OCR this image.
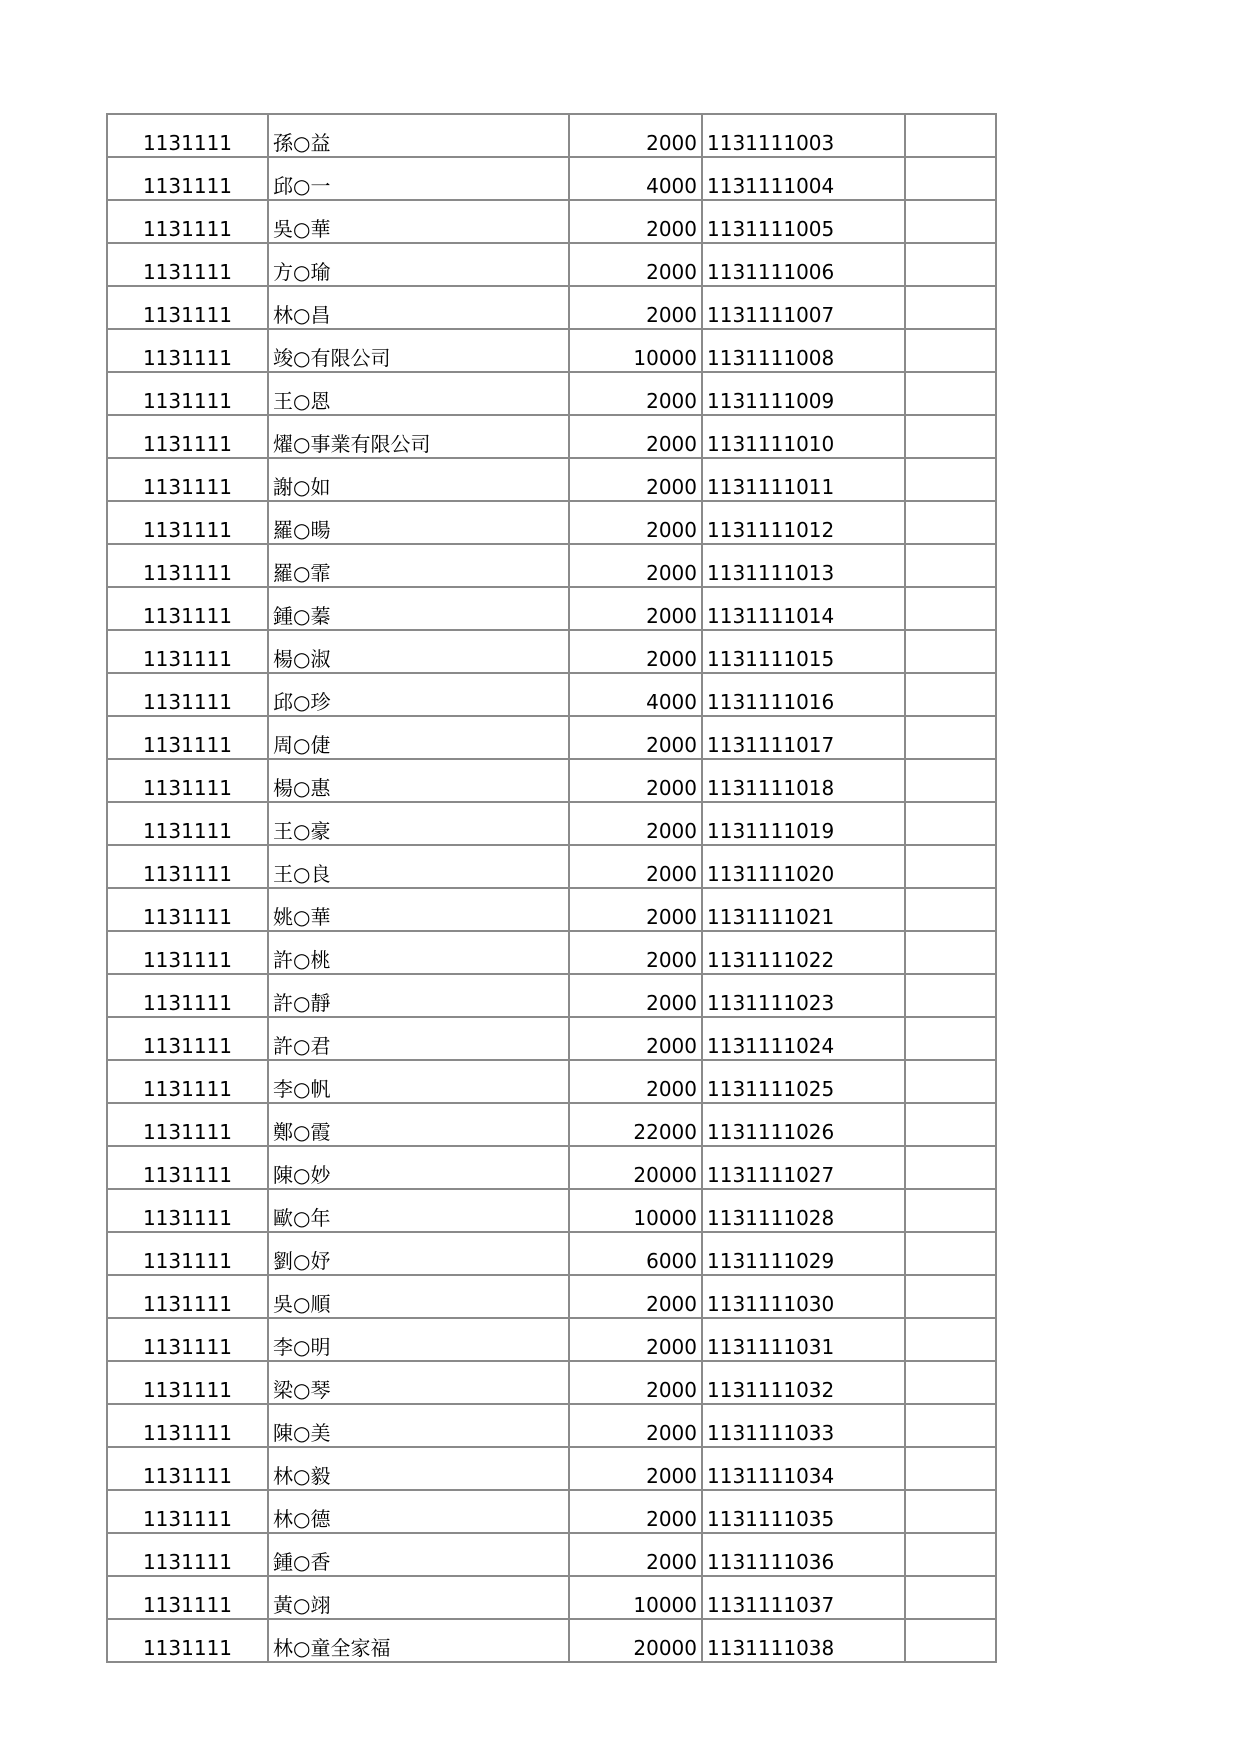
1131111	孫○益	2000	1131111003	
1131111	邱○一	4000	1131111004	
1131111	吳○華	2000	1131111005	
1131111	方○瑜	2000	1131111006	
1131111	林○昌	2000	1131111007	
1131111	竣○有限公司	10000	1131111008	
1131111	王○恩	2000	1131111009	
1131111	燿○事業有限公司	2000	1131111010	
1131111	謝○如	2000	1131111011	
1131111	羅○暘	2000	1131111012	
1131111	羅○霏	2000	1131111013	
1131111	鍾○蓁	2000	1131111014	
1131111	楊○淑	2000	1131111015	
1131111	邱○珍	4000	1131111016	
1131111	周○倢	2000	1131111017	
1131111	楊○惠	2000	1131111018	
1131111	王○豪	2000	1131111019	
1131111	王○良	2000	1131111020	
1131111	姚○華	2000	1131111021	
1131111	許○桃	2000	1131111022	
1131111	許○靜	2000	1131111023	
1131111	許○君	2000	1131111024	
1131111	李○帆	2000	1131111025	
1131111	鄭○霞	22000	1131111026	
1131111	陳○妙	20000	1131111027	
1131111	歐○年	10000	1131111028	
1131111	劉○妤	6000	1131111029	
1131111	吳○順	2000	1131111030	
1131111	李○明	2000	1131111031	
1131111	梁○琴	2000	1131111032	
1131111	陳○美	2000	1131111033	
1131111	林○毅	2000	1131111034	
1131111	林○德	2000	1131111035	
1131111	鍾○香	2000	1131111036	
1131111	黃○翊	10000	1131111037	
1131111	林○童全家福	20000	1131111038	
